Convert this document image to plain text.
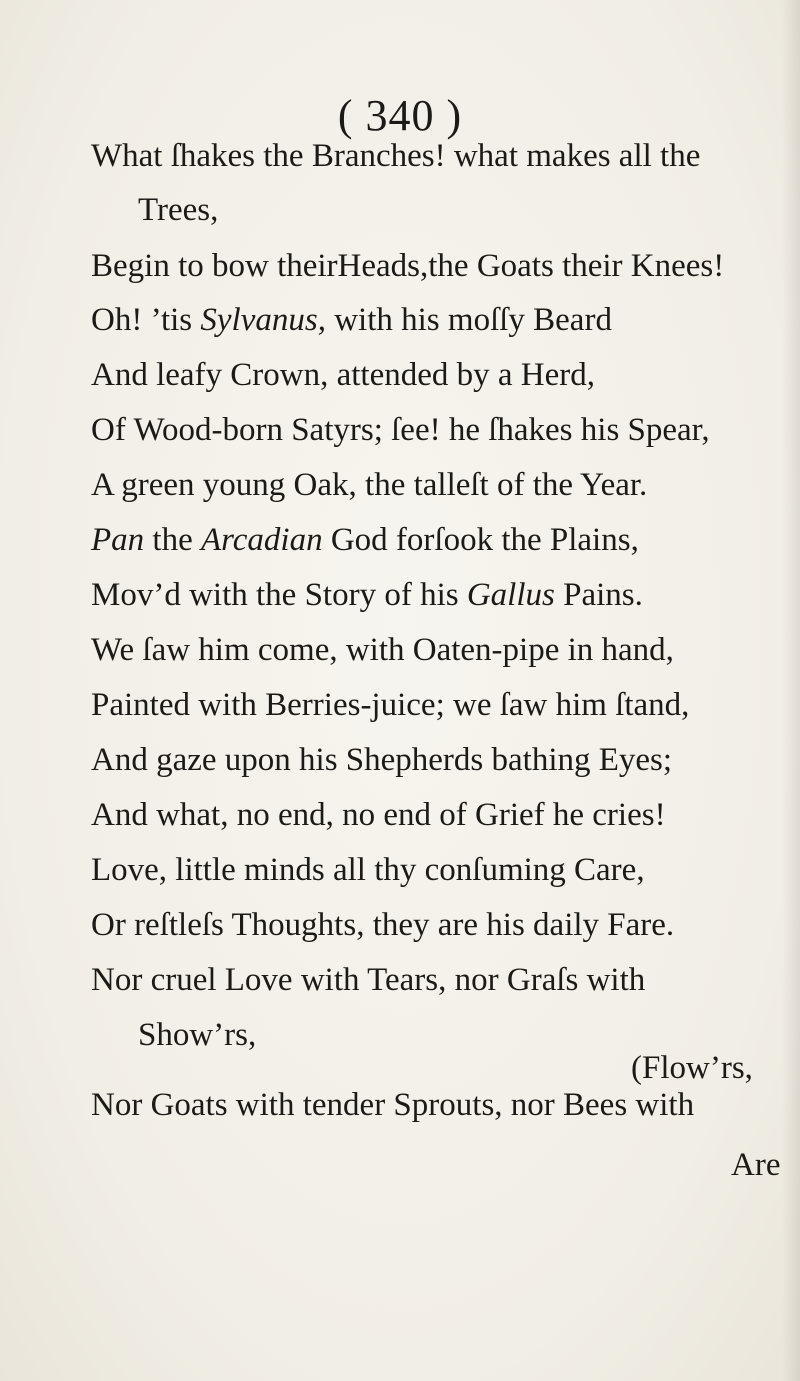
( 340 )
What ſhakes the Branches! what makes all the
Trees,
Begin to bow theirHeads,the Goats their Knees!
Oh! ’tis Sylvanus, with his moſſy Beard
And leafy Crown, attended by a Herd,
Of Wood-born Satyrs; ſee! he ſhakes his Spear,
A green young Oak, the talleſt of the Year.
Pan the Arcadian God forſook the Plains,
Mov’d with the Story of his Gallus Pains.
We ſaw him come, with Oaten-pipe in hand,
Painted with Berries-juice; we ſaw him ſtand,
And gaze upon his Shepherds bathing Eyes;
And what, no end, no end of Grief he cries!
Love, little minds all thy conſuming Care,
Or reſtleſs Thoughts, they are his daily Fare.
Nor cruel Love with Tears, nor Graſs with
Show’rs,
(Flow’rs,
Nor Goats with tender Sprouts, nor Bees with
Are
